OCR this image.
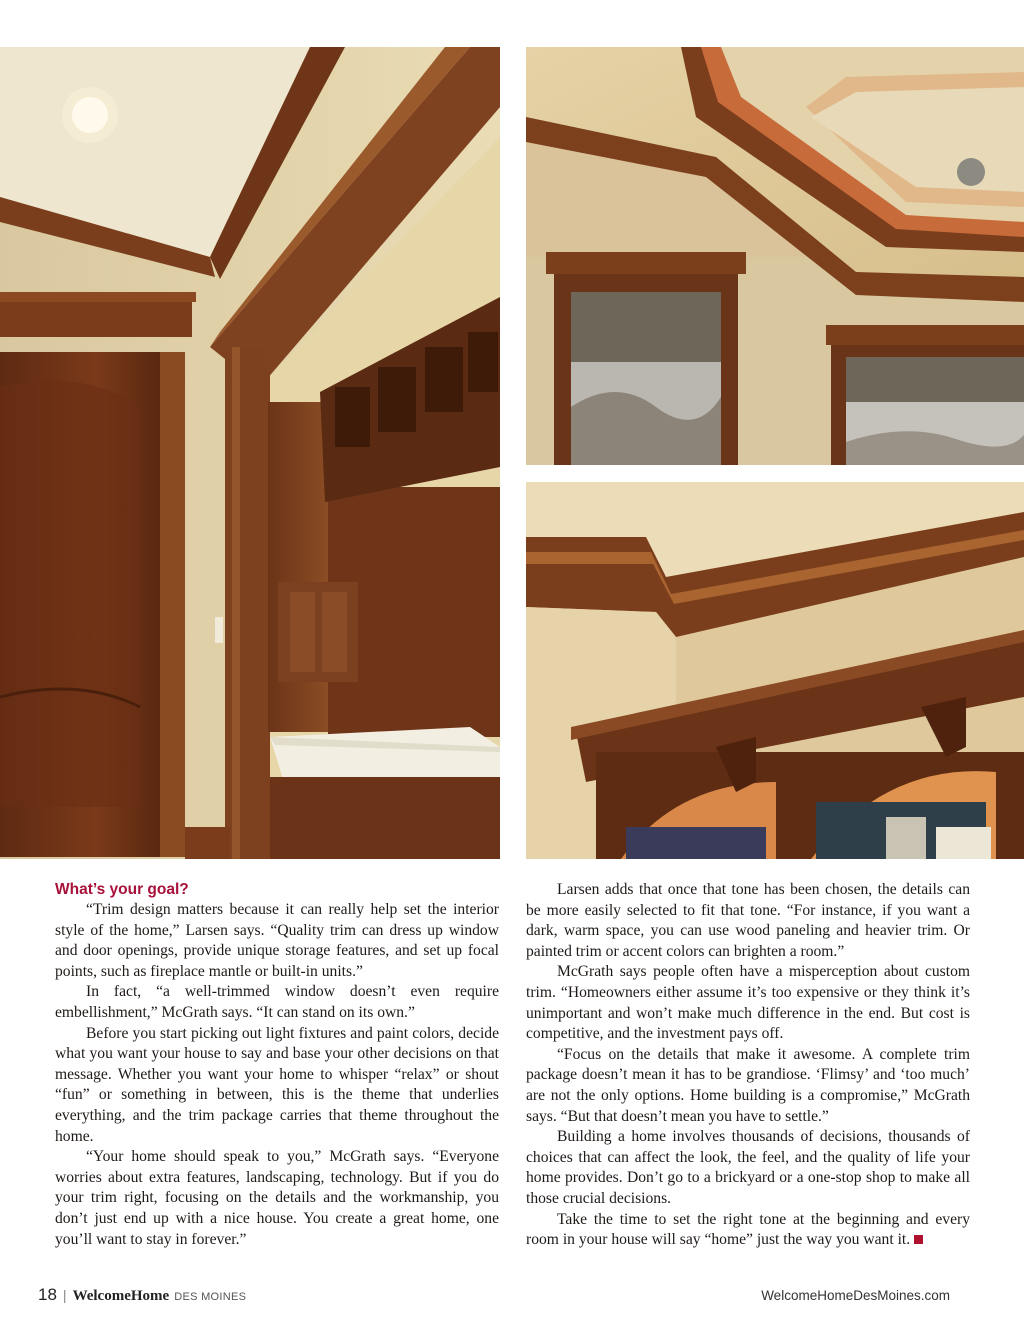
What’s your goal?

“Trim design matters because it can really help set the interior style of the home,” Larsen says. “Quality trim can dress up window and door openings, provide unique storage features, and set up focal points, such as fireplace mantle or built-in units.”

In fact, “a well-trimmed window doesn’t even require embellishment,” McGrath says. “It can stand on its own.”

Before you start picking out light fixtures and paint colors, decide what you want your house to say and base your other decisions on that message. Whether you want your home to whisper “relax” or shout “fun” or something in between, this is the theme that underlies everything, and the trim package carries that theme throughout the home.

“Your home should speak to you,” McGrath says. “Everyone worries about extra features, landscaping, technology. But if you do your trim right, focusing on the details and the workmanship, you don’t just end up with a nice house. You create a great home, one you’ll want to stay in forever.”

Larsen adds that once that tone has been chosen, the details can be more easily selected to fit that tone. “For instance, if you want a dark, warm space, you can use wood paneling and heavier trim. Or painted trim or accent colors can brighten a room.”

McGrath says people often have a misperception about custom trim. “Homeowners either assume it’s too expensive or they think it’s unimportant and won’t make much difference in the end. But cost is competitive, and the investment pays off.

“Focus on the details that make it awesome. A complete trim package doesn’t mean it has to be grandiose. ‘Flimsy’ and ‘too much’ are not the only options. Home building is a compromise,” McGrath says. “But that doesn’t mean you have to settle.”

Building a home involves thousands of decisions, thousands of choices that can affect the look, the feel, and the quality of life your home provides. Don’t go to a brickyard or a one-stop shop to make all those crucial decisions.

Take the time to set the right tone at the beginning and every room in your house will say “home” just the way you want it.

18 | WelcomeHome DES MOINES	WelcomeHomeDesMoines.com
